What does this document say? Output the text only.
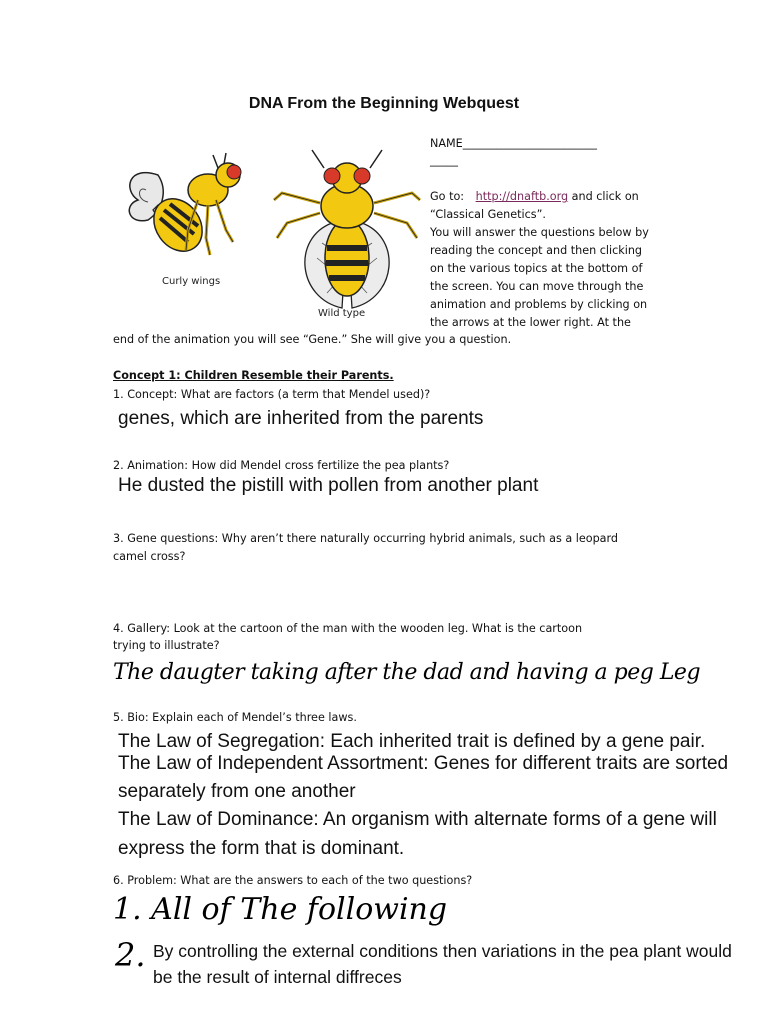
DNA From the Beginning Webquest
NAME________________________
_____
Curly wings
Wild type
Go to: http://dnaftb.org and click on
“Classical Genetics”.
You will answer the questions below by
reading the concept and then clicking
on the various topics at the bottom of
the screen. You can move through the
animation and problems by clicking on
the arrows at the lower right. At the
end of the animation you will see “Gene.” She will give you a question.
Concept 1: Children Resemble their Parents.
1. Concept: What are factors (a term that Mendel used)?
genes, which are inherited from the parents
2. Animation: How did Mendel cross fertilize the pea plants?
He dusted the pistill with pollen from another plant
3. Gene questions: Why aren’t there naturally occurring hybrid animals, such as a leopard
camel cross?
4. Gallery: Look at the cartoon of the man with the wooden leg. What is the cartoon
trying to illustrate?
The daugter taking after the dad and having a peg Leg
5. Bio: Explain each of Mendel’s three laws.
The Law of Segregation: Each inherited trait is defined by a gene pair.
The Law of Independent Assortment: Genes for different traits are sorted
separately from one another
The Law of Dominance: An organism with alternate forms of a gene will
express the form that is dominant.
6. Problem: What are the answers to each of the two questions?
1. All of The following
2. By controlling the external conditions then variations in the pea plant would
be the result of internal diffreces
